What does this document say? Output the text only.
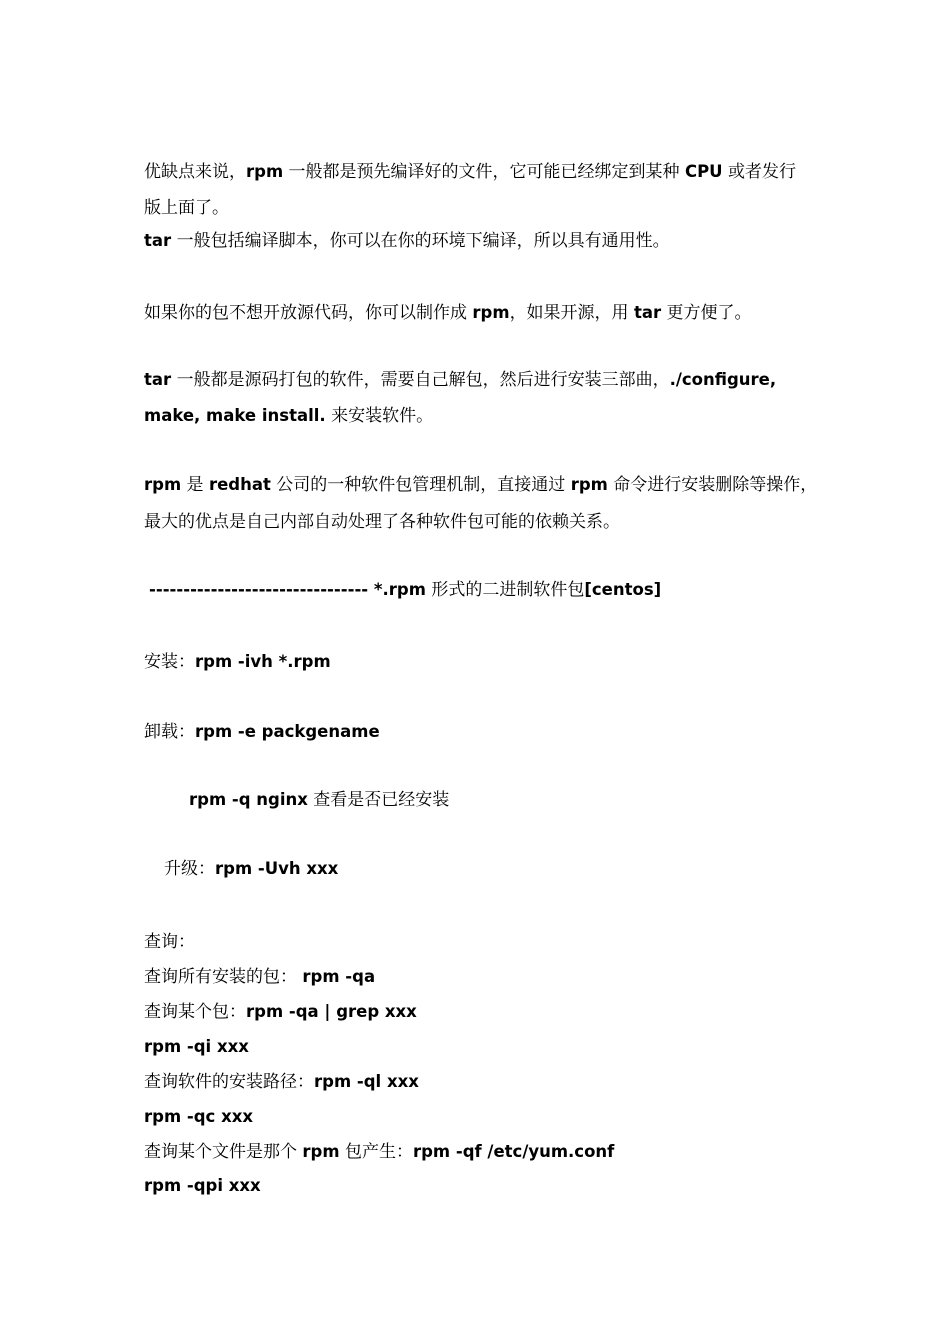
优缺点来说，rpm 一般都是预先编译好的文件，它可能已经绑定到某种 CPU 或者发行
版上面了。
tar 一般包括编译脚本，你可以在你的环境下编译，所以具有通用性。
如果你的包不想开放源代码，你可以制作成 rpm，如果开源，用 tar 更方便了。
tar 一般都是源码打包的软件，需要自己解包，然后进行安装三部曲，./configure,
make, make install. 来安装软件。
rpm 是 redhat 公司的一种软件包管理机制，直接通过 rpm 命令进行安装删除等操作，
最大的优点是自己内部自动处理了各种软件包可能的依赖关系。
-------------------------------- *.rpm 形式的二进制软件包[centos]
安装：rpm -ivh *.rpm
卸载：rpm -e packgename
rpm -q nginx 查看是否已经安装
升级：rpm -Uvh xxx
查询：
查询所有安装的包： rpm -qa
查询某个包：rpm -qa | grep xxx
rpm -qi xxx
查询软件的安装路径：rpm -ql xxx
rpm -qc xxx
查询某个文件是那个 rpm 包产生：rpm -qf /etc/yum.conf
rpm -qpi xxx
